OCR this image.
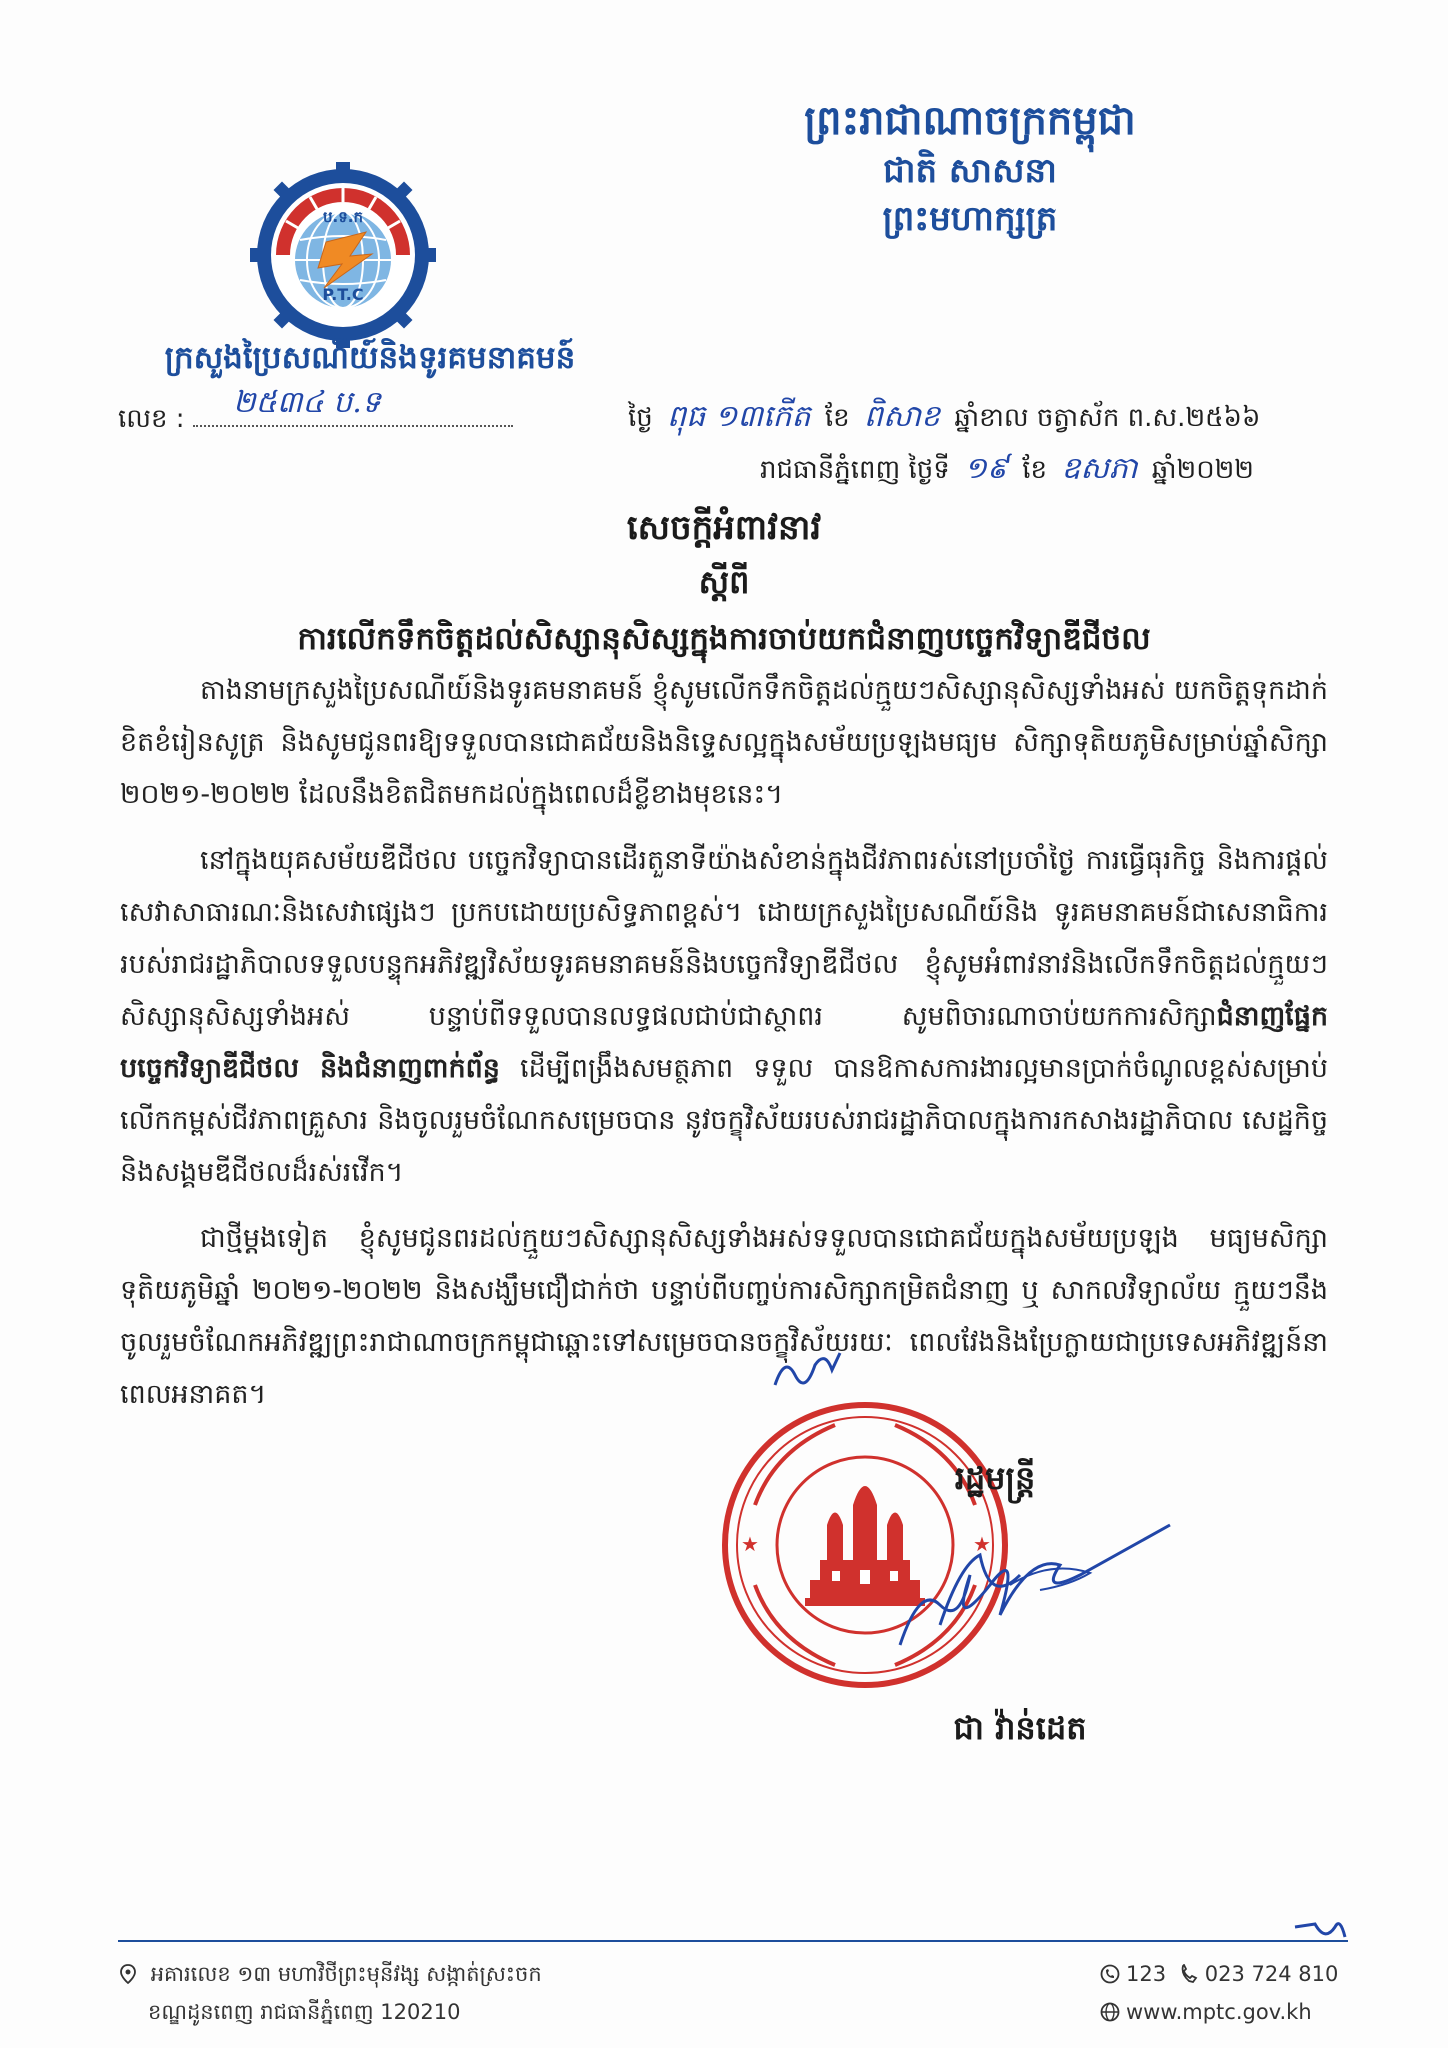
ព្រះរាជាណាចក្រកម្ពុជា
ជាតិ សាសនា ព្រះមហាក្សត្រ
ប.ទ.ក
P.T.C
ក្រសួងប្រៃសណីយ៍និងទូរគមនាគមន៍
លេខ : ២៥៣៤ ប.ទ	ថ្ងៃ ពុធ ១៣កើត ខែ ពិសាខ ឆ្នាំខាល ចត្វាស័ក ព.ស.២៥៦៦
រាជធានីភ្នំពេញ ថ្ងៃទី ១៩ ខែ ឧសភា ឆ្នាំ២០២២
សេចក្តីអំពាវនាវ
ស្តីពី
ការលើកទឹកចិត្តដល់សិស្សានុសិស្សក្នុងការចាប់យកជំនាញបច្ចេកវិទ្យាឌីជីថល

តាងនាមក្រសួងប្រៃសណីយ៍និងទូរគមនាគមន៍ ខ្ញុំសូមលើកទឹកចិត្តដល់ក្មួយៗសិស្សានុសិស្សទាំងអស់ យកចិត្តទុកដាក់ខិតខំរៀនសូត្រ និងសូមជូនពរឱ្យទទួលបានជោគជ័យនិងនិទ្ទេសល្អក្នុងសម័យប្រឡងមធ្យម សិក្សាទុតិយភូមិសម្រាប់ឆ្នាំសិក្សា ២០២១-២០២២ ដែលនឹងខិតជិតមកដល់ក្នុងពេលដ៏ខ្លីខាងមុខនេះ។

នៅក្នុងយុគសម័យឌីជីថល បច្ចេកវិទ្យាបានដើរតួនាទីយ៉ាងសំខាន់ក្នុងជីវភាពរស់នៅប្រចាំថ្ងៃ ការធ្វើធុរកិច្ច និងការផ្តល់សេវាសាធារណៈនិងសេវាផ្សេងៗ ប្រកបដោយប្រសិទ្ធភាពខ្ពស់។ ដោយក្រសួងប្រៃសណីយ៍និង ទូរគមនាគមន៍ជាសេនាធិការរបស់រាជរដ្ឋាភិបាលទទួលបន្ទុកអភិវឌ្ឍវិស័យទូរគមនាគមន៍និងបច្ចេកវិទ្យាឌីជីថល ខ្ញុំសូមអំពាវនាវនិងលើកទឹកចិត្តដល់ក្មួយៗសិស្សានុសិស្សទាំងអស់ បន្ទាប់ពីទទួលបានលទ្ធផលជាប់ជាស្ថាពរ សូមពិចារណាចាប់យកការសិក្សាជំនាញផ្នែកបច្ចេកវិទ្យាឌីជីថល និងជំនាញពាក់ព័ន្ធ ដើម្បីពង្រឹងសមត្ថភាព ទទួល បានឱកាសការងារល្អមានប្រាក់ចំណូលខ្ពស់សម្រាប់លើកកម្ពស់ជីវភាពគ្រួសារ និងចូលរួមចំណែកសម្រេចបាន នូវចក្ខុវិស័យរបស់រាជរដ្ឋាភិបាលក្នុងការកសាងរដ្ឋាភិបាល សេដ្ឋកិច្ច និងសង្គមឌីជីថលដ៏រស់រវើក។

ជាថ្មីម្តងទៀត ខ្ញុំសូមជូនពរដល់ក្មួយៗសិស្សានុសិស្សទាំងអស់ទទួលបានជោគជ័យក្នុងសម័យប្រឡង មធ្យមសិក្សាទុតិយភូមិឆ្នាំ ២០២១-២០២២ និងសង្ឃឹមជឿជាក់ថា បន្ទាប់ពីបញ្ចប់ការសិក្សាកម្រិតជំនាញ ឬ សាកលវិទ្យាល័យ ក្មួយៗនឹងចូលរួមចំណែកអភិវឌ្ឍព្រះរាជាណាចក្រកម្ពុជាឆ្ពោះទៅសម្រេចបានចក្ខុវិស័យរយៈ ពេលវែងនិងប្រែក្លាយជាប្រទេសអភិវឌ្ឍន៍នាពេលអនាគត។

★	★
រដ្ឋមន្ត្រី
ជា វ៉ាន់ដេត
អគារលេខ ១៣ មហាវិថីព្រះមុនីវង្ស សង្កាត់ស្រះចក
ខណ្ឌដូនពេញ រាជធានីភ្នំពេញ 120210
123 023 724 810
www.mptc.gov.kh
